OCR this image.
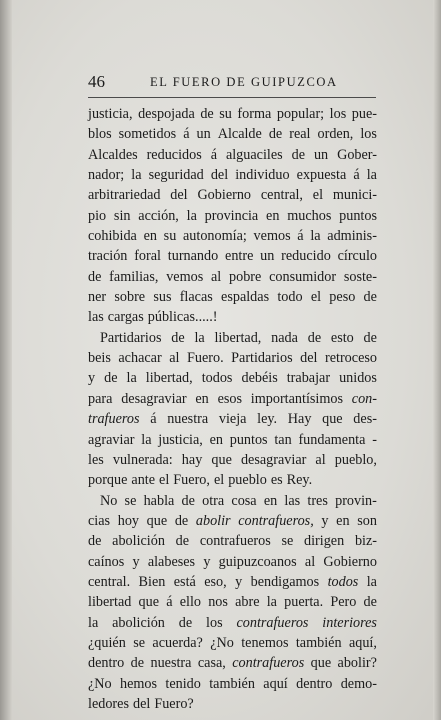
46	EL FUERO DE GUIPUZCOA
justicia, despojada de su forma popular; los pue-
blos sometidos á un Alcalde de real orden, los
Alcaldes reducidos á alguaciles de un Gober-
nador; la seguridad del individuo expuesta á la
arbitrariedad del Gobierno central, el munici-
pio sin acción, la provincia en muchos puntos
cohibida en su autonomía; vemos á la adminis-
tración foral turnando entre un reducido círculo
de familias, vemos al pobre consumidor soste-
ner sobre sus flacas espaldas todo el peso de
las cargas públicas.....!
Partidarios de la libertad, nada de esto de
beis achacar al Fuero. Partidarios del retroceso
y de la libertad, todos debéis trabajar unidos
para desagraviar en esos importantísimos con-
trafueros á nuestra vieja ley. Hay que des-
agraviar la justicia, en puntos tan fundamenta -
les vulnerada: hay que desagraviar al pueblo,
porque ante el Fuero, el pueblo es Rey.
No se habla de otra cosa en las tres provin-
cias hoy que de abolir contrafueros, y en son
de abolición de contrafueros se dirigen biz-
caínos y alabeses y guipuzcoanos al Gobierno
central. Bien está eso, y bendigamos todos la
libertad que á ello nos abre la puerta. Pero de
la abolición de los contrafueros interiores
¿quién se acuerda? ¿No tenemos también aquí,
dentro de nuestra casa, contrafueros que abolir?
¿No hemos tenido también aquí dentro demo-
ledores del Fuero?
